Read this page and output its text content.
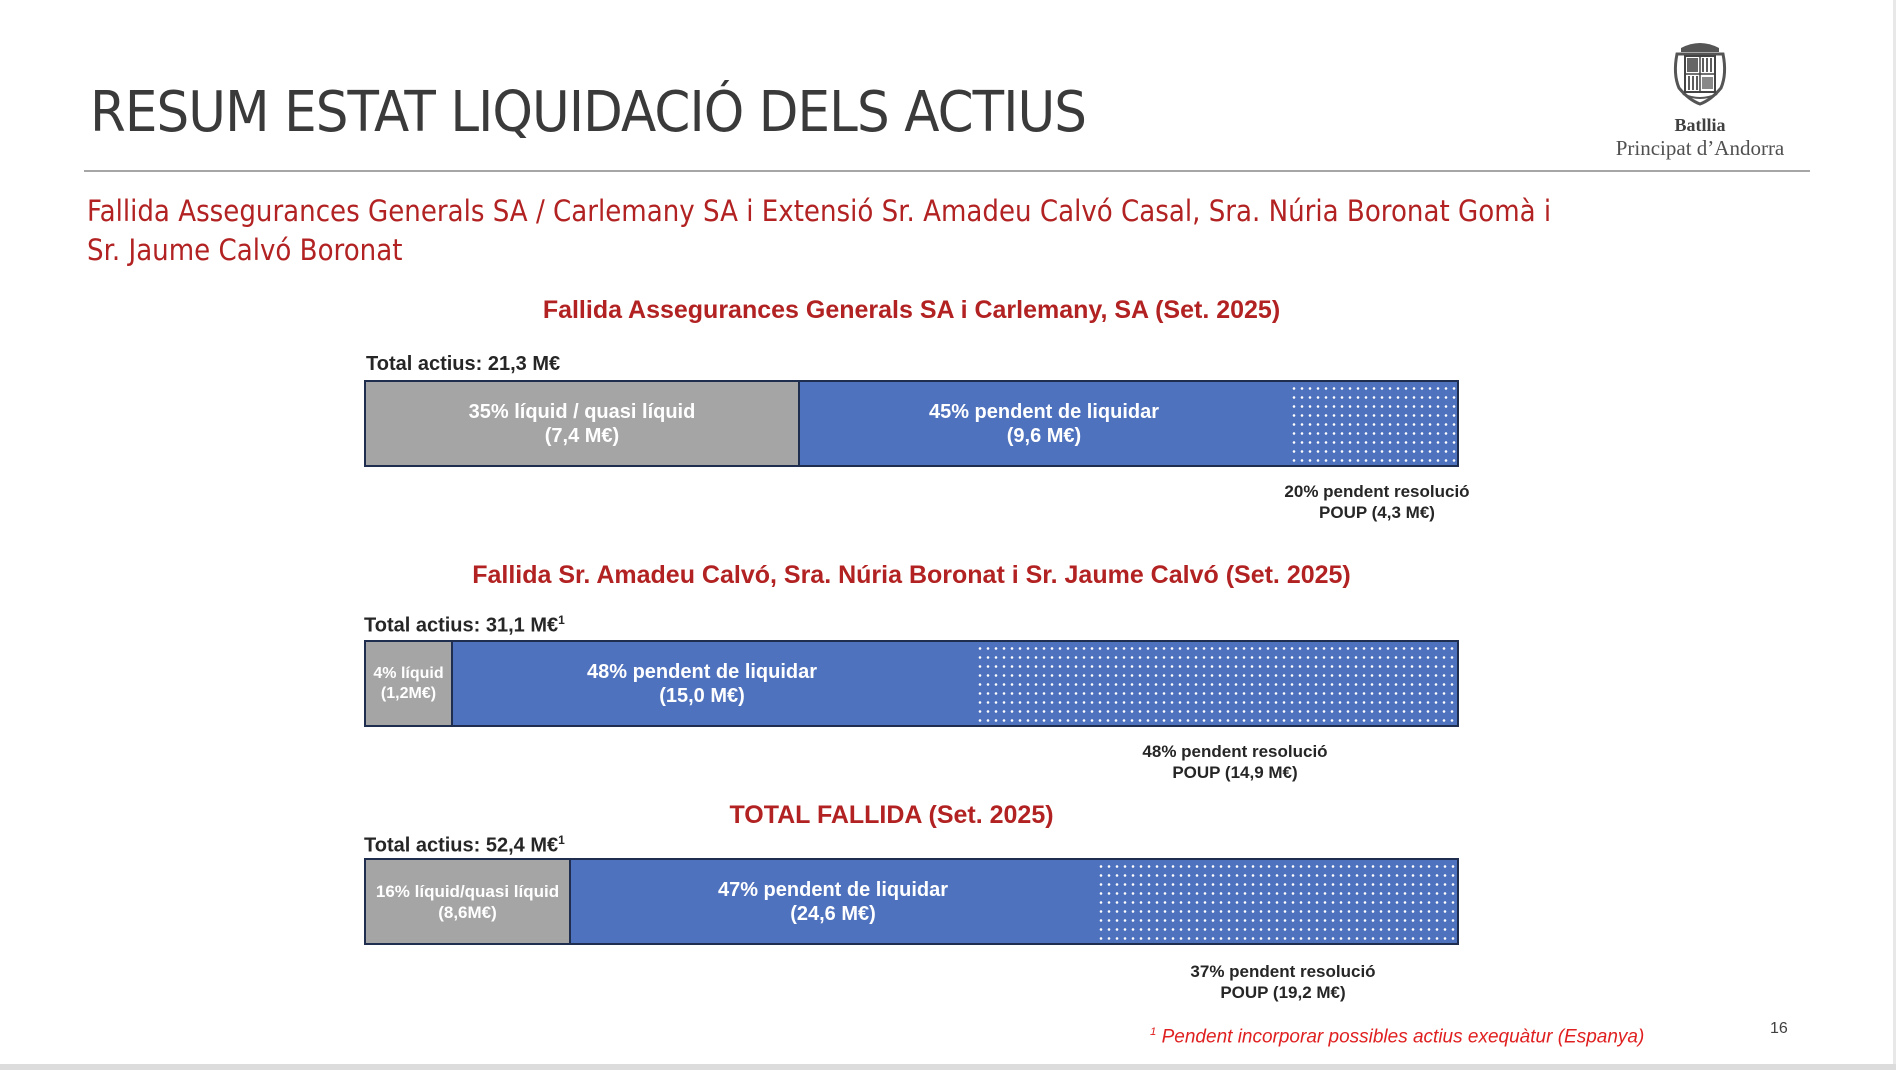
RESUM ESTAT LIQUIDACIÓ DELS ACTIUS	Batllia
Principat d’Andorra
Fallida Assegurances Generals SA / Carlemany SA i Extensió Sr. Amadeu Calvó Casal, Sra. Núria Boronat Gomà i
Sr. Jaume Calvó Boronat
Fallida Assegurances Generals SA i Carlemany, SA (Set. 2025)
Total actius: 21,3 M€
35% líquid / quasi líquid
(7,4 M€)
45% pendent de liquidar
(9,6 M€)
20% pendent resolució
POUP (4,3 M€)
Fallida Sr. Amadeu Calvó, Sra. Núria Boronat i Sr. Jaume Calvó (Set. 2025)
Total actius: 31,1 M€$^1$
4% líquid
(1,2M€)
48% pendent de liquidar
(15,0 M€)
48% pendent resolució
POUP (14,9 M€)
TOTAL FALLIDA (Set. 2025)
Total actius: 52,4 M€$^1$
16% líquid/quasi líquid
(8,6M€)
47% pendent de liquidar
(24,6 M€)
37% pendent resolució
POUP (19,2 M€)
$^1$ Pendent incorporar possibles actius exequàtur (Espanya)	16
